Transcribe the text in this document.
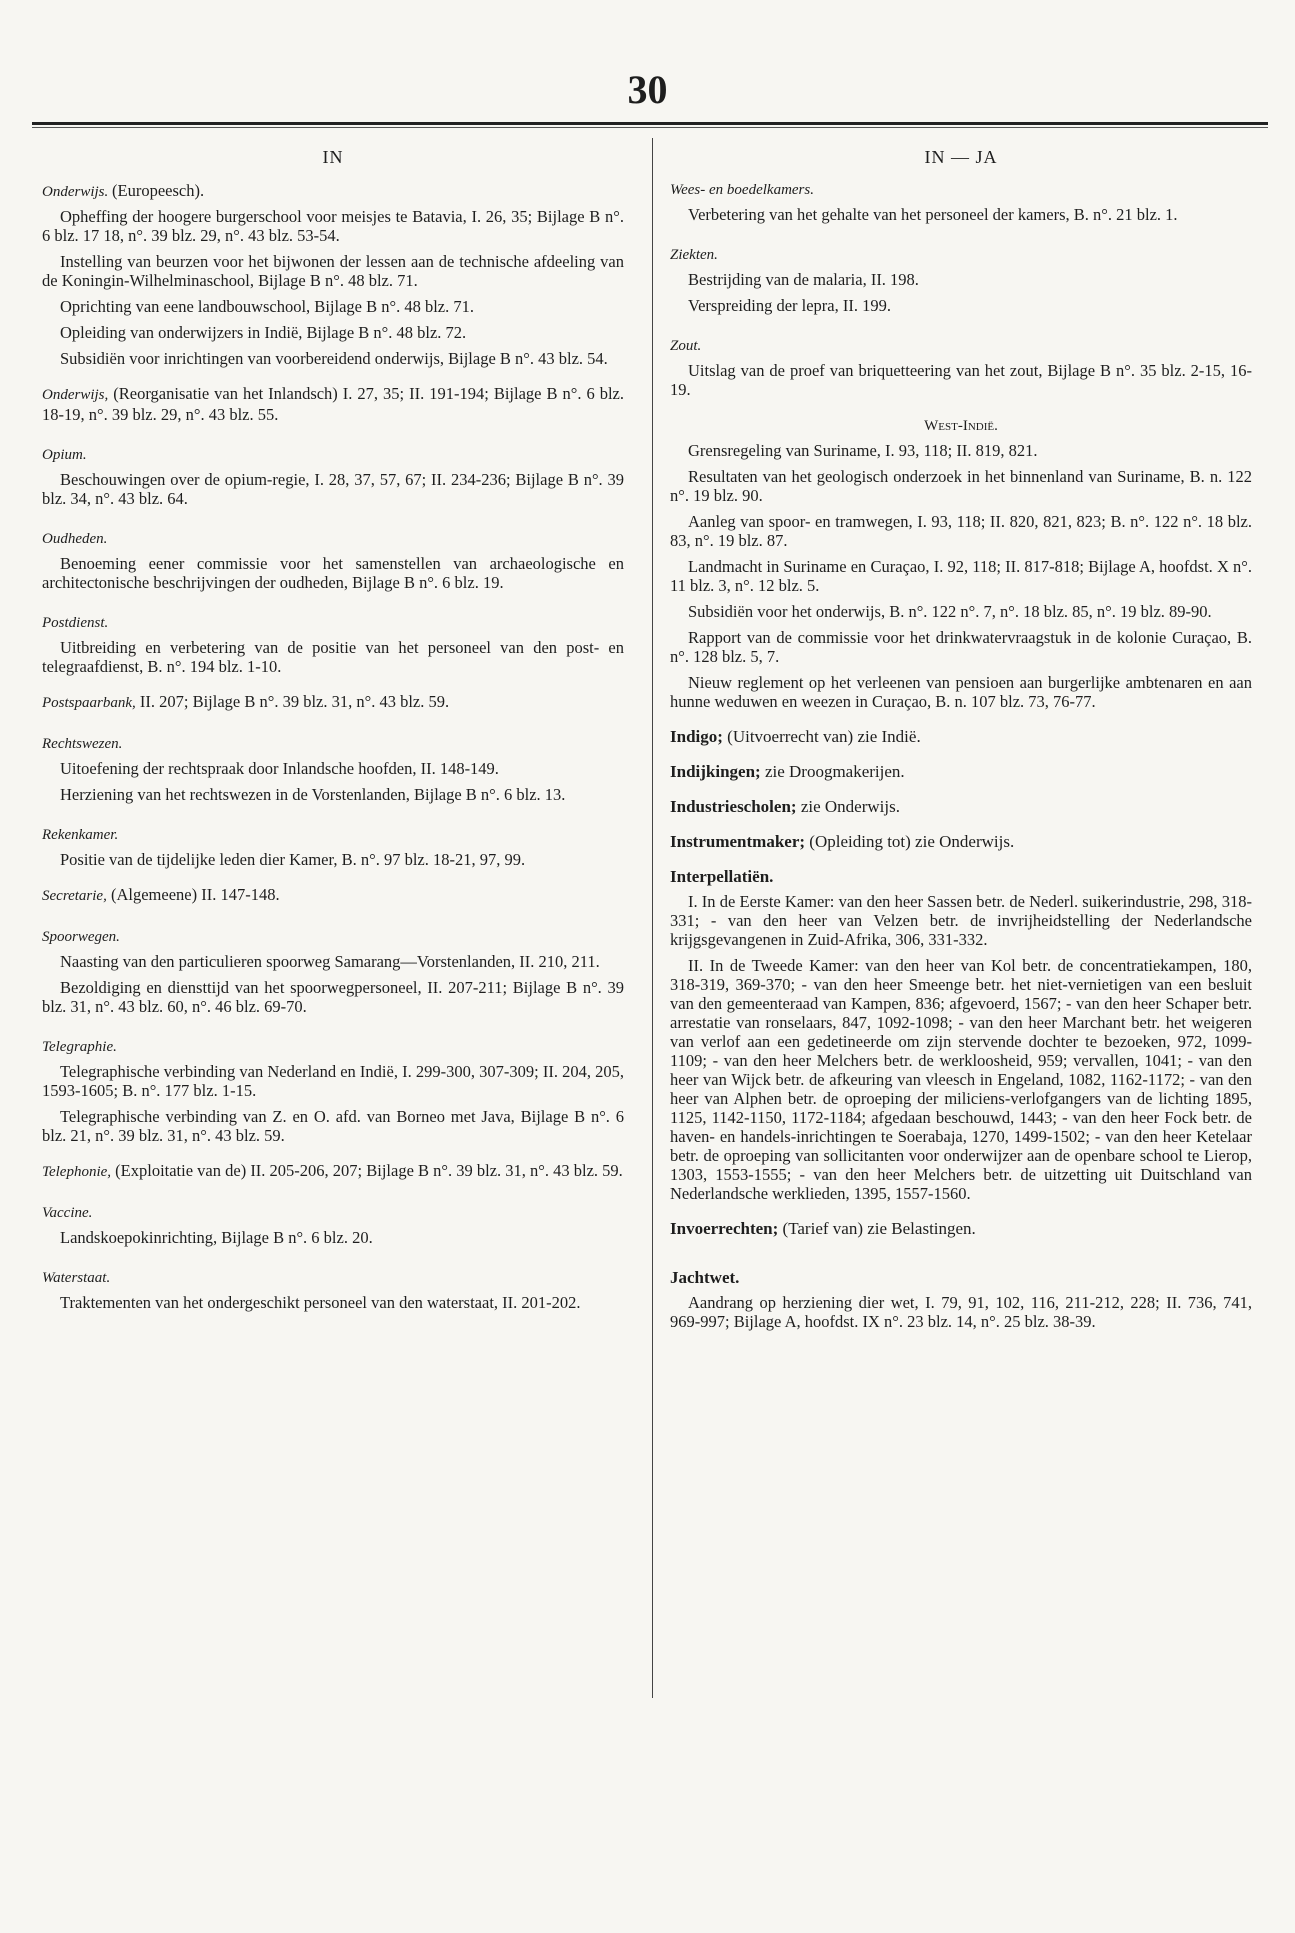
30
IN
Onderwijs. (Europeesch).

Opheffing der hoogere burgerschool voor meisjes te Batavia, I. 26, 35; Bijlage B n°. 6 blz. 17 18, n°. 39 blz. 29, n°. 43 blz. 53-54.

Instelling van beurzen voor het bijwonen der lessen aan de technische afdeeling van de Koningin-Wilhelminaschool, Bijlage B n°. 48 blz. 71.

Oprichting van eene landbouwschool, Bijlage B n°. 48 blz. 71.

Opleiding van onderwijzers in Indië, Bijlage B n°. 48 blz. 72.

Subsidiën voor inrichtingen van voorbereidend onderwijs, Bijlage B n°. 43 blz. 54.

Onderwijs, (Reorganisatie van het Inlandsch) I. 27, 35; II. 191-194; Bijlage B n°. 6 blz. 18-19, n°. 39 blz. 29, n°. 43 blz. 55.

Opium.

Beschouwingen over de opium-regie, I. 28, 37, 57, 67; II. 234-236; Bijlage B n°. 39 blz. 34, n°. 43 blz. 64.

Oudheden.

Benoeming eener commissie voor het samenstellen van archaeologische en architectonische beschrijvingen der oudheden, Bijlage B n°. 6 blz. 19.

Postdienst.

Uitbreiding en verbetering van de positie van het personeel van den post- en telegraafdienst, B. n°. 194 blz. 1-10.

Postspaarbank, II. 207; Bijlage B n°. 39 blz. 31, n°. 43 blz. 59.

Rechtswezen.

Uitoefening der rechtspraak door Inlandsche hoofden, II. 148-149.

Herziening van het rechtswezen in de Vorstenlanden, Bijlage B n°. 6 blz. 13.

Rekenkamer.

Positie van de tijdelijke leden dier Kamer, B. n°. 97 blz. 18-21, 97, 99.

Secretarie, (Algemeene) II. 147-148.

Spoorwegen.

Naasting van den particulieren spoorweg Samarang—Vorstenlanden, II. 210, 211.

Bezoldiging en diensttijd van het spoorwegpersoneel, II. 207-211; Bijlage B n°. 39 blz. 31, n°. 43 blz. 60, n°. 46 blz. 69-70.

Telegraphie.

Telegraphische verbinding van Nederland en Indië, I. 299-300, 307-309; II. 204, 205, 1593-1605; B. n°. 177 blz. 1-15.

Telegraphische verbinding van Z. en O. afd. van Borneo met Java, Bijlage B n°. 6 blz. 21, n°. 39 blz. 31, n°. 43 blz. 59.

Telephonie, (Exploitatie van de) II. 205-206, 207; Bijlage B n°. 39 blz. 31, n°. 43 blz. 59.

Vaccine.

Landskoepokinrichting, Bijlage B n°. 6 blz. 20.

Waterstaat.

Traktementen van het ondergeschikt personeel van den waterstaat, II. 201-202.

IN — JA
Wees- en boedelkamers.

Verbetering van het gehalte van het personeel der kamers, B. n°. 21 blz. 1.

Ziekten.

Bestrijding van de malaria, II. 198.

Verspreiding der lepra, II. 199.

Zout.

Uitslag van de proef van briquetteering van het zout, Bijlage B n°. 35 blz. 2-15, 16-19.

West-Indië.

Grensregeling van Suriname, I. 93, 118; II. 819, 821.

Resultaten van het geologisch onderzoek in het binnenland van Suriname, B. n. 122 n°. 19 blz. 90.

Aanleg van spoor- en tramwegen, I. 93, 118; II. 820, 821, 823; B. n°. 122 n°. 18 blz. 83, n°. 19 blz. 87.

Landmacht in Suriname en Curaçao, I. 92, 118; II. 817-818; Bijlage A, hoofdst. X n°. 11 blz. 3, n°. 12 blz. 5.

Subsidiën voor het onderwijs, B. n°. 122 n°. 7, n°. 18 blz. 85, n°. 19 blz. 89-90.

Rapport van de commissie voor het drinkwatervraagstuk in de kolonie Curaçao, B. n°. 128 blz. 5, 7.

Nieuw reglement op het verleenen van pensioen aan burgerlijke ambtenaren en aan hunne weduwen en weezen in Curaçao, B. n. 107 blz. 73, 76-77.

Indigo; (Uitvoerrecht van) zie Indië.
Indijkingen; zie Droogmakerijen.
Industriescholen; zie Onderwijs.
Instrumentmaker; (Opleiding tot) zie Onderwijs.
Interpellatiën.

I. In de Eerste Kamer: van den heer Sassen betr. de Nederl. suikerindustrie, 298, 318-331; - van den heer van Velzen betr. de invrijheidstelling der Nederlandsche krijgsgevangenen in Zuid-Afrika, 306, 331-332.

II. In de Tweede Kamer: van den heer van Kol betr. de concentratiekampen, 180, 318-319, 369-370; - van den heer Smeenge betr. het niet-vernietigen van een besluit van den gemeenteraad van Kampen, 836; afgevoerd, 1567; - van den heer Schaper betr. arrestatie van ronselaars, 847, 1092-1098; - van den heer Marchant betr. het weigeren van verlof aan een gedetineerde om zijn stervende dochter te bezoeken, 972, 1099-1109; - van den heer Melchers betr. de werkloosheid, 959; vervallen, 1041; - van den heer van Wijck betr. de afkeuring van vleesch in Engeland, 1082, 1162-1172; - van den heer van Alphen betr. de oproeping der miliciens-verlofgangers van de lichting 1895, 1125, 1142-1150, 1172-1184; afgedaan beschouwd, 1443; - van den heer Fock betr. de haven- en handels-inrichtingen te Soerabaja, 1270, 1499-1502; - van den heer Ketelaar betr. de oproeping van sollicitanten voor onderwijzer aan de openbare school te Lierop, 1303, 1553-1555; - van den heer Melchers betr. de uitzetting uit Duitschland van Nederlandsche werklieden, 1395, 1557-1560.

Invoerrechten; (Tarief van) zie Belastingen.
Jachtwet.

Aandrang op herziening dier wet, I. 79, 91, 102, 116, 211-212, 228; II. 736, 741, 969-997; Bijlage A, hoofdst. IX n°. 23 blz. 14, n°. 25 blz. 38-39.
